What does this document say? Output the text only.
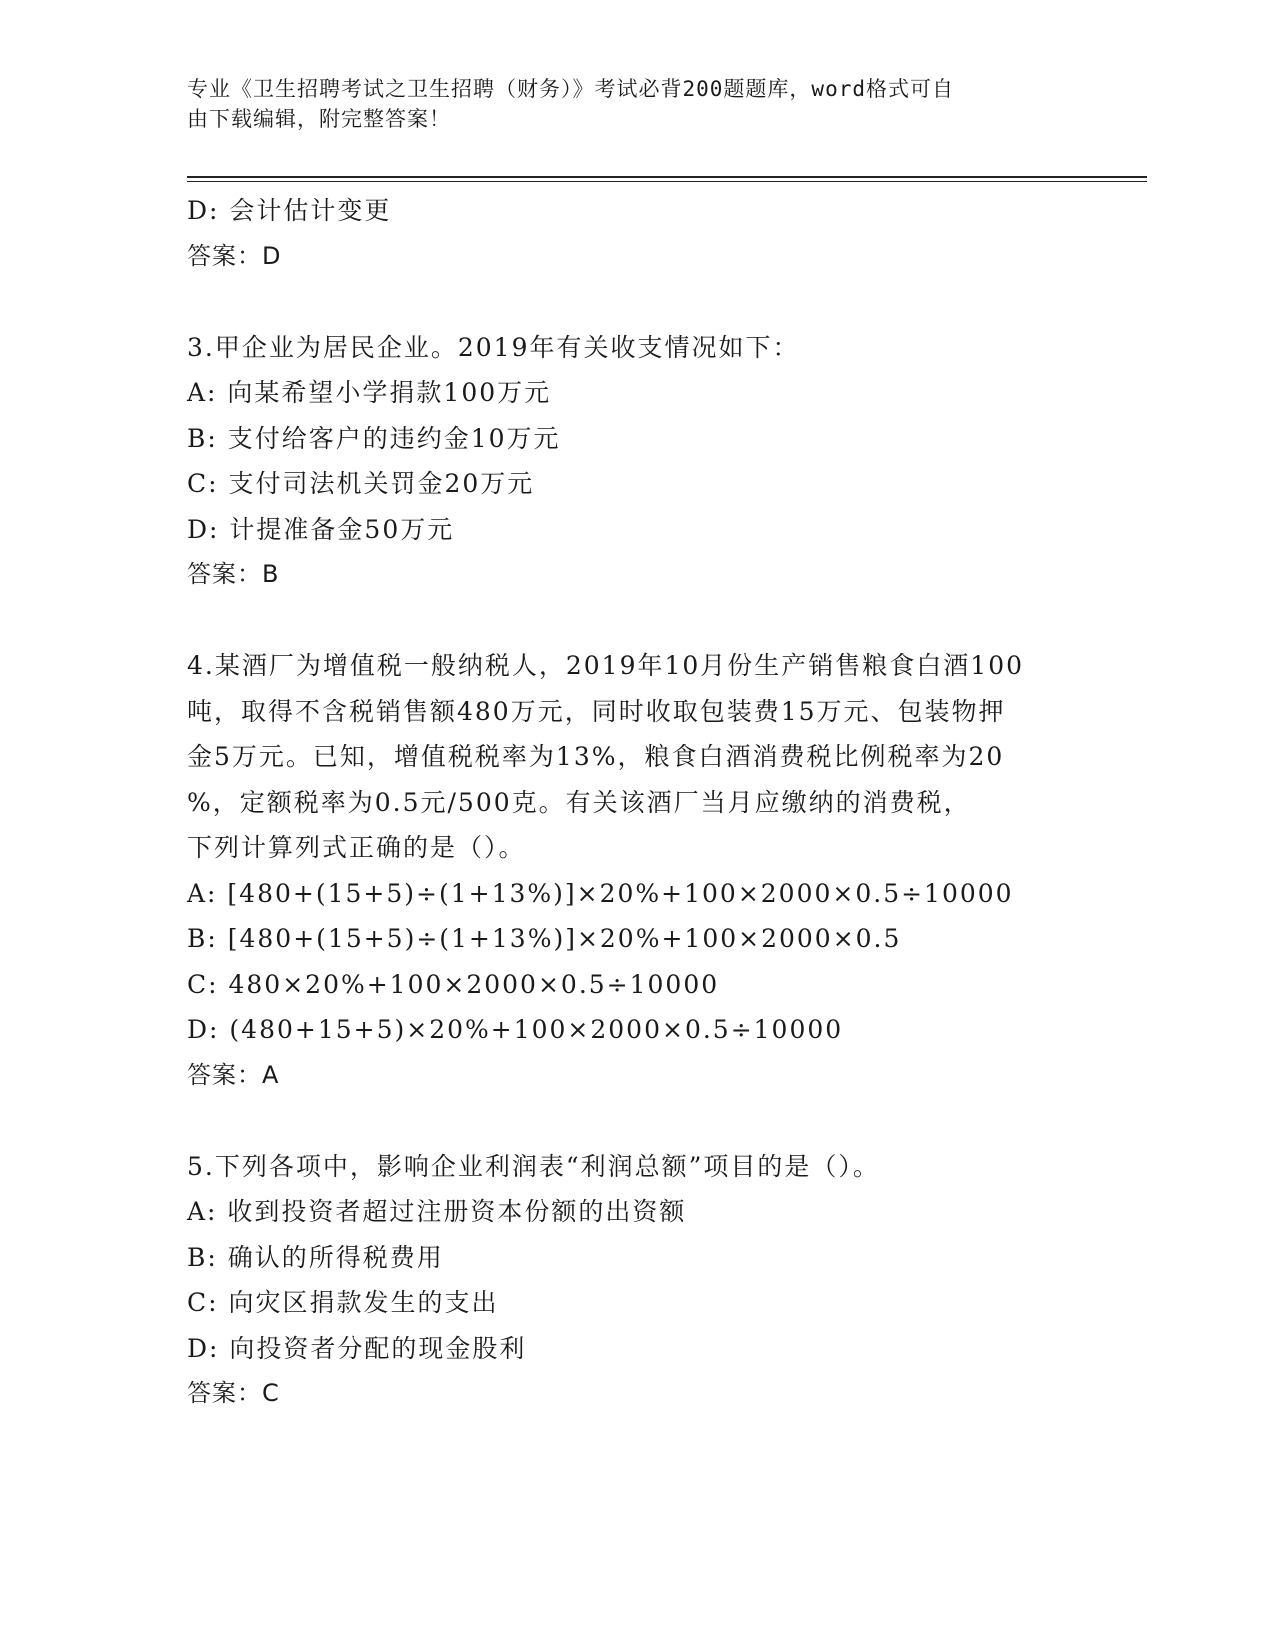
专业《卫生招聘考试之卫生招聘（财务）》考试必背200题题库，word格式可自
由下载编辑，附完整答案！
D: 会计估计变更
答案：D
3.甲企业为居民企业。2019年有关收支情况如下：
A: 向某希望小学捐款100万元
B: 支付给客户的违约金10万元
C: 支付司法机关罚金20万元
D: 计提准备金50万元
答案：B
4.某酒厂为增值税一般纳税人，2019年10月份生产销售粮食白酒100
吨，取得不含税销售额480万元，同时收取包装费15万元、包装物押
金5万元。已知，增值税税率为13%，粮食白酒消费税比例税率为20
%，定额税率为0.5元/500克。有关该酒厂当月应缴纳的消费税，
下列计算列式正确的是（）。
A: [480+(15+5)÷(1+13%)]×20%+100×2000×0.5÷10000
B: [480+(15+5)÷(1+13%)]×20%+100×2000×0.5
C: 480×20%+100×2000×0.5÷10000
D: (480+15+5)×20%+100×2000×0.5÷10000
答案：A
5.下列各项中，影响企业利润表“利润总额”项目的是（）。
A: 收到投资者超过注册资本份额的出资额
B: 确认的所得税费用
C: 向灾区捐款发生的支出
D: 向投资者分配的现金股利
答案：C
